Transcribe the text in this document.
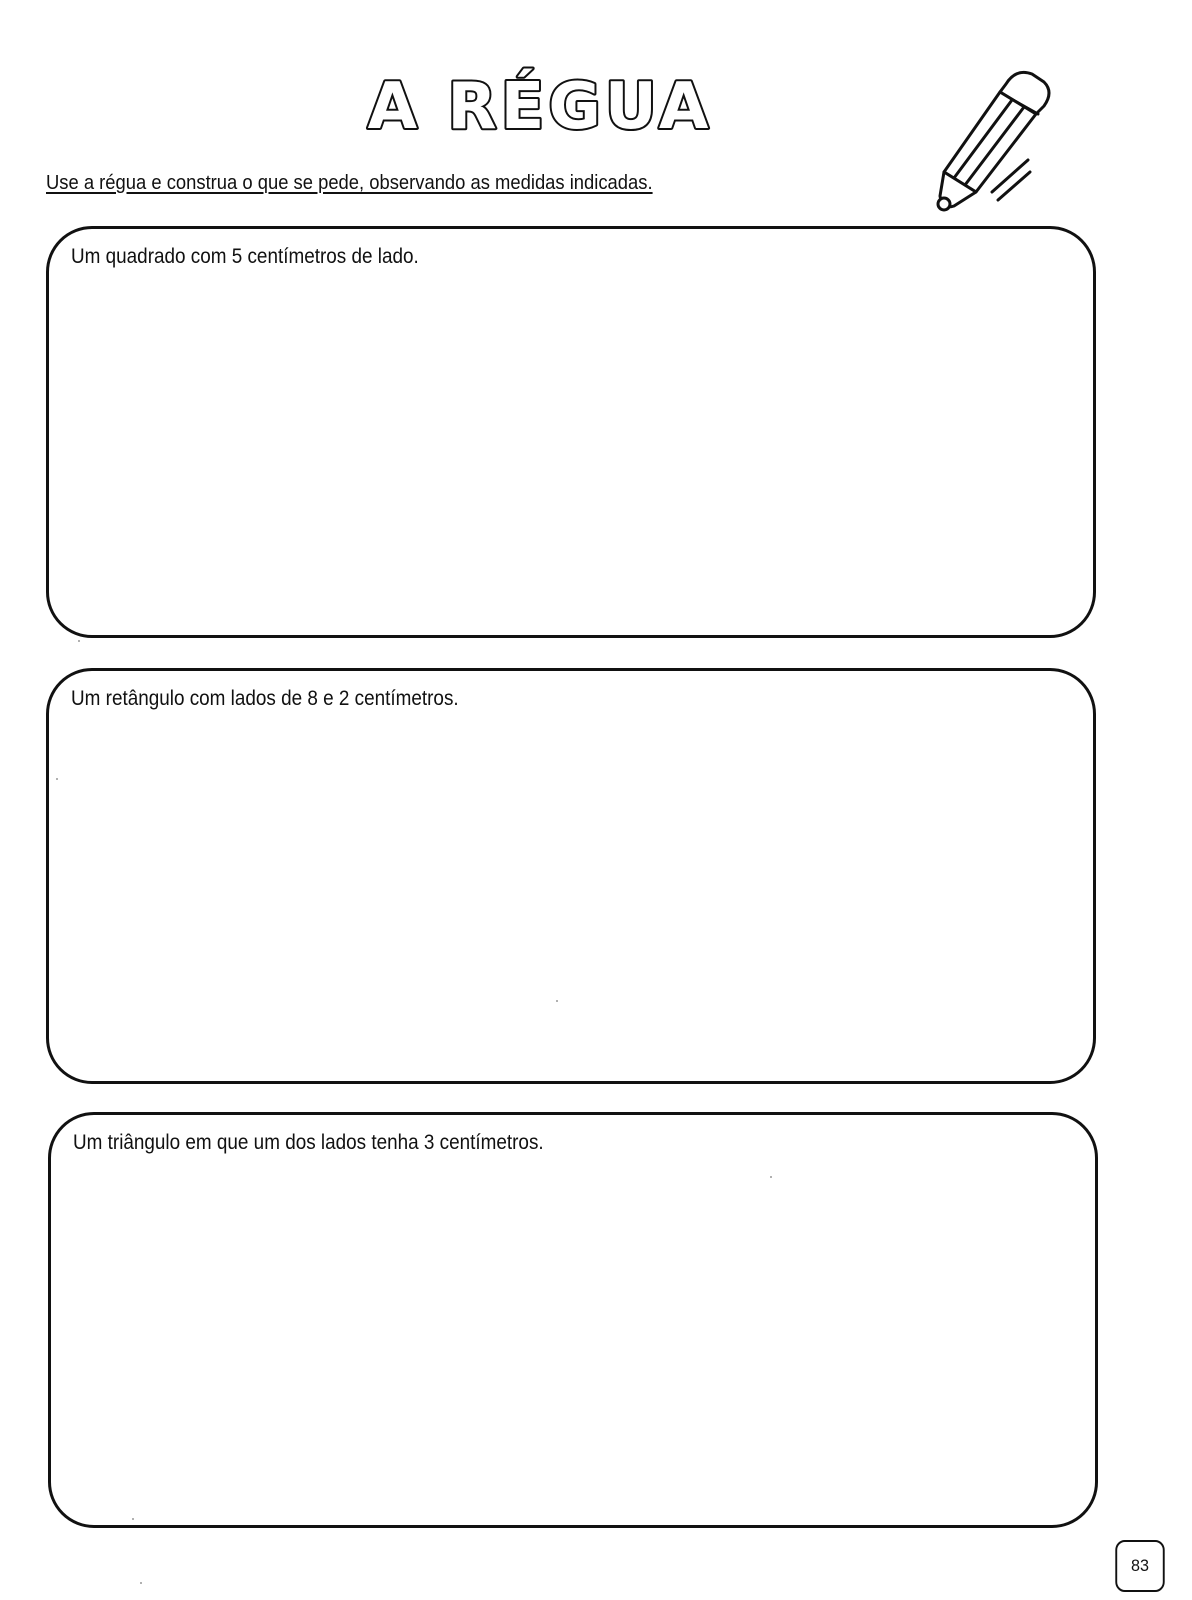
A RÉGUA
Use a régua e construa o que se pede, observando as medidas indicadas.
Um quadrado com 5 centímetros de lado.
Um retângulo com lados de 8 e 2 centímetros.
Um triângulo em que um dos lados tenha 3 centímetros.
83
